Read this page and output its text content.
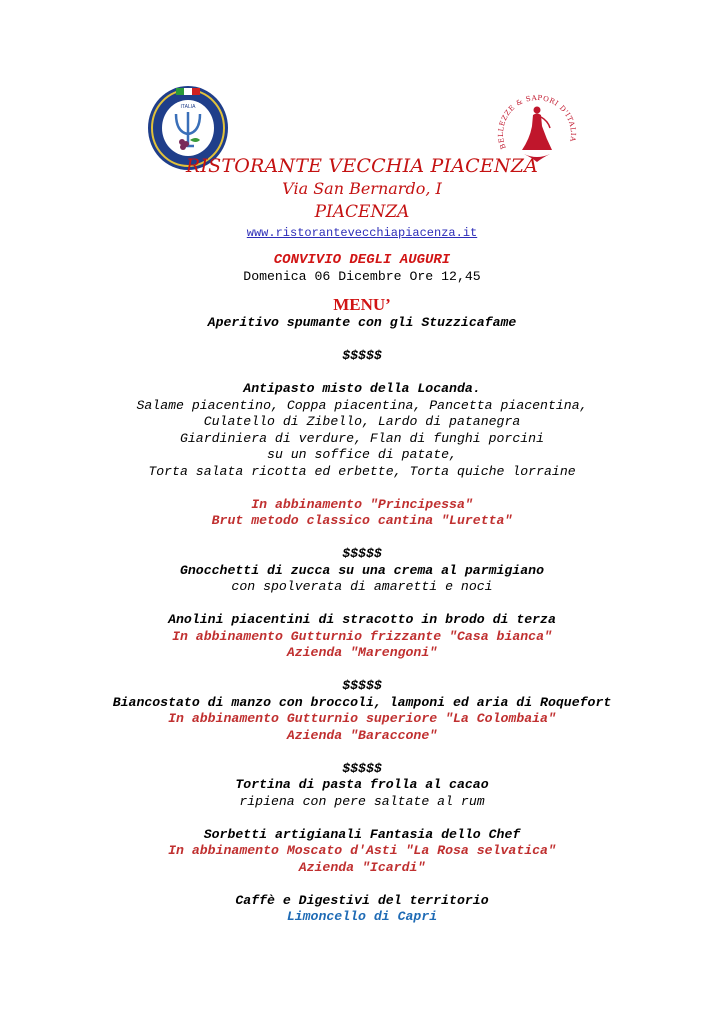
ITALIA
BELLEZZE & SAPORI D'ITALIA
RISTORANTE VECCHIA PIACENZA
Via San Bernardo, I
PIACENZA
www.ristorantevecchiapiacenza.it
CONVIVIO DEGLI AUGURI
Domenica 06 Dicembre Ore 12,45
MENU’
Aperitivo spumante con gli Stuzzicafame
$$$$$
Antipasto misto della Locanda.
Salame piacentino, Coppa piacentina, Pancetta piacentina,
Culatello di Zibello, Lardo di patanegra
Giardiniera di verdure, Flan di funghi porcini
su un soffice di patate,
Torta salata ricotta ed erbette, Torta quiche lorraine
In abbinamento "Principessa"
Brut metodo classico cantina "Luretta"
$$$$$
Gnocchetti di zucca su una crema al parmigiano
con spolverata di amaretti e noci
Anolini piacentini di stracotto in brodo di terza
In abbinamento Gutturnio frizzante "Casa bianca"
Azienda "Marengoni"
$$$$$
Biancostato di manzo con broccoli, lamponi ed aria di Roquefort
In abbinamento Gutturnio superiore "La Colombaia"
Azienda "Baraccone"
$$$$$
Tortina di pasta frolla al cacao
ripiena con pere saltate al rum
Sorbetti artigianali Fantasia dello Chef
In abbinamento Moscato d'Asti "La Rosa selvatica"
Azienda "Icardi"
Caffè e Digestivi del territorio
Limoncello di Capri
